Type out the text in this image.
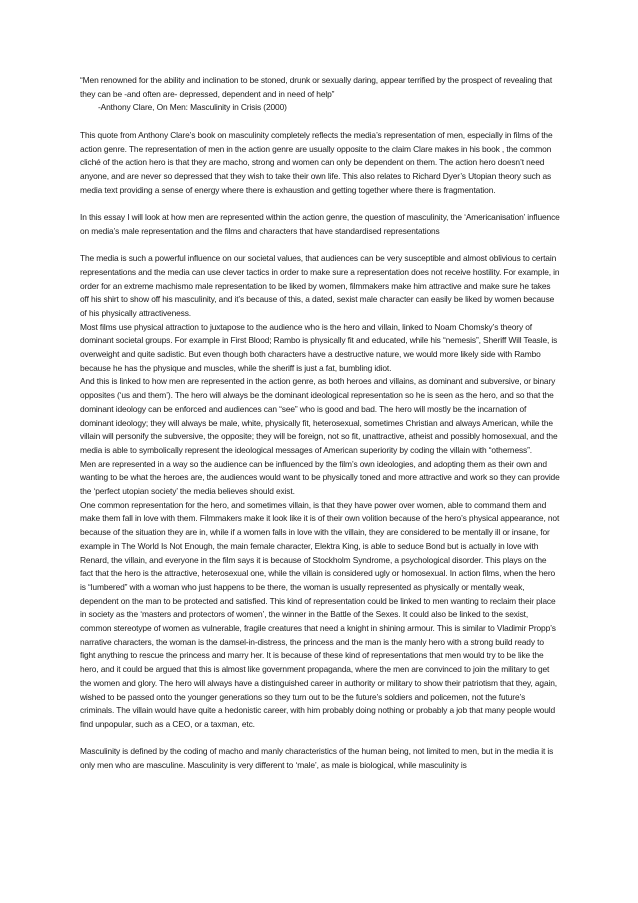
“Men renowned for the ability and inclination to be stoned, drunk or sexually daring, appear terrified by the prospect of revealing that they can be -and often are- depressed, dependent and in need of help”

-Anthony Clare, On Men: Masculinity in Crisis (2000)

This quote from Anthony Clare’s book on masculinity completely reflects the media’s representation of men, especially in films of the action genre. The representation of men in the action genre are usually opposite to the claim Clare makes in his book , the common cliché of the action hero is that they are macho, strong and women can only be dependent on them. The action hero doesn’t need anyone, and are never so depressed that they wish to take their own life. This also relates to Richard Dyer’s Utopian theory such as media text providing a sense of energy where there is exhaustion and getting together where there is fragmentation.

In this essay I will look at how men are represented within the action genre, the question of masculinity, the ‘Americanisation’ influence on media’s male representation and the films and characters that have standardised representations

The media is such a powerful influence on our societal values, that audiences can be very susceptible and almost oblivious to certain representations and the media can use clever tactics in order to make sure a representation does not receive hostility. For example, in order for an extreme machismo male representation to be liked by women, filmmakers make him attractive and make sure he takes off his shirt to show off his masculinity, and it’s because of this, a dated, sexist male character can easily be liked by women because of his physically attractiveness.

Most films use physical attraction to juxtapose to the audience who is the hero and villain, linked to Noam Chomsky’s theory of dominant societal groups. For example in First Blood; Rambo is physically fit and educated, while his “nemesis”, Sheriff Will Teasle, is overweight and quite sadistic. But even though both characters have a destructive nature, we would more likely side with Rambo because he has the physique and muscles, while the sheriff is just a fat, bumbling idiot.

And this is linked to how men are represented in the action genre, as both heroes and villains, as dominant and subversive, or binary opposites (‘us and them’). The hero will always be the dominant ideological representation so he is seen as the hero, and so that the dominant ideology can be enforced and audiences can “see” who is good and bad. The hero will mostly be the incarnation of dominant ideology; they will always be male, white, physically fit, heterosexual, sometimes Christian and always American, while the villain will personify the subversive, the opposite; they will be foreign, not so fit, unattractive, atheist and possibly homosexual, and the media is able to symbolically represent the ideological messages of American superiority by coding the villain with “otherness”.

Men are represented in a way so the audience can be influenced by the film’s own ideologies, and adopting them as their own and wanting to be what the heroes are, the audiences would want to be physically toned and more attractive and work so they can provide the ‘perfect utopian society’ the media believes should exist.

One common representation for the hero, and sometimes villain, is that they have power over women, able to command them and make them fall in love with them. Filmmakers make it look like it is of their own volition because of the hero’s physical appearance, not because of the situation they are in, while if a women falls in love with the villain, they are considered to be mentally ill or insane, for example in The World Is Not Enough, the main female character, Elektra King, is able to seduce Bond but is actually in love with Renard, the villain, and everyone in the film says it is because of Stockholm Syndrome, a psychological disorder. This plays on the fact that the hero is the attractive, heterosexual one, while the villain is considered ugly or homosexual. In action films, when the hero is “lumbered” with a woman who just happens to be there, the woman is usually represented as physically or mentally weak, dependent on the man to be protected and satisfied. This kind of representation could be linked to men wanting to reclaim their place in society as the ‘masters and protectors of women’, the winner in the Battle of the Sexes. It could also be linked to the sexist, common stereotype of women as vulnerable, fragile creatures that need a knight in shining armour. This is similar to Vladimir Propp’s narrative characters, the woman is the damsel-in-distress, the princess and the man is the manly hero with a strong build ready to fight anything to rescue the princess and marry her. It is because of these kind of representations that men would try to be like the hero, and it could be argued that this is almost like government propaganda, where the men are convinced to join the military to get the women and glory. The hero will always have a distinguished career in authority or military to show their patriotism that they, again, wished to be passed onto the younger generations so they turn out to be the future’s soldiers and policemen, not the future’s criminals. The villain would have quite a hedonistic career, with him probably doing nothing or probably a job that many people would find unpopular, such as a CEO, or a taxman, etc.

Masculinity is defined by the coding of macho and manly characteristics of the human being, not limited to men, but in the media it is only men who are masculine. Masculinity is very different to ‘male’, as male is biological, while masculinity is
